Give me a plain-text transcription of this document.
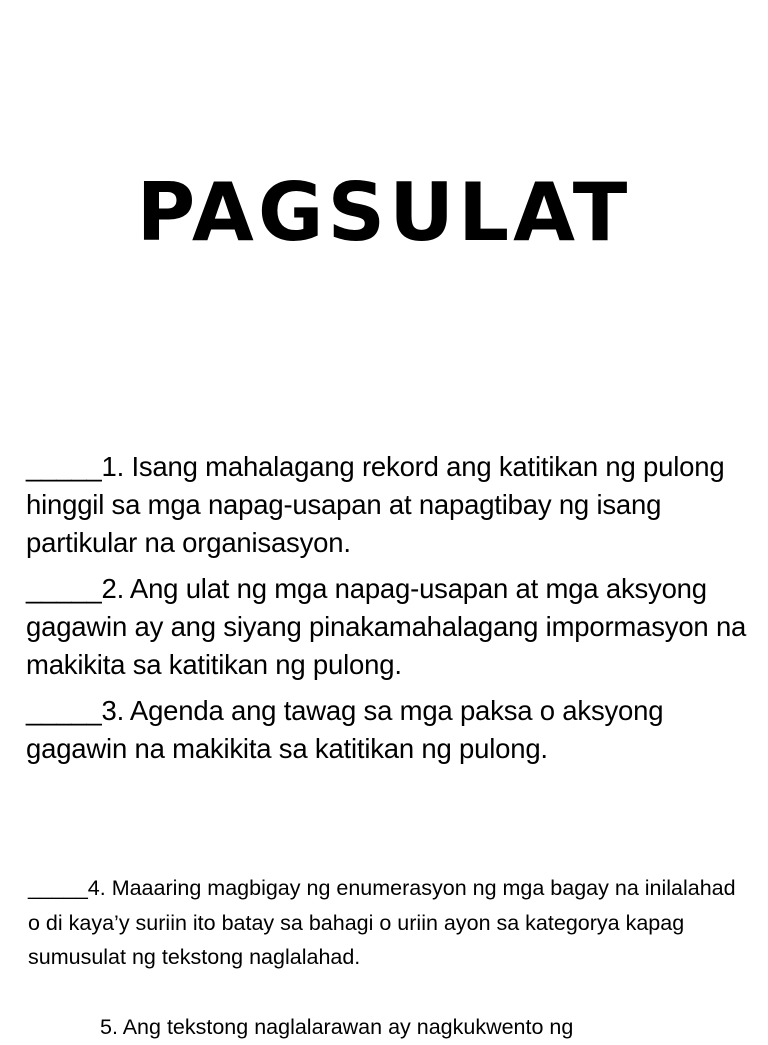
PAGSULAT
_____1. Isang mahalagang rekord ang katitikan ng pulong hinggil sa mga napag-usapan at napagtibay ng isang partikular na organisasyon.
_____2. Ang ulat ng mga napag-usapan at mga aksyong gagawin ay ang siyang pinakamahalagang impormasyon na makikita sa katitikan ng pulong.
_____3. Agenda ang tawag sa mga paksa o aksyong gagawin na makikita sa katitikan ng pulong.
_____4. Maaaring magbigay ng enumerasyon ng mga bagay na inilalahad o di kaya’y suriin ito batay sa bahagi o uriin ayon sa kategorya kapag sumusulat ng tekstong naglalahad.
5. Ang tekstong naglalarawan ay nagkukwento ng
